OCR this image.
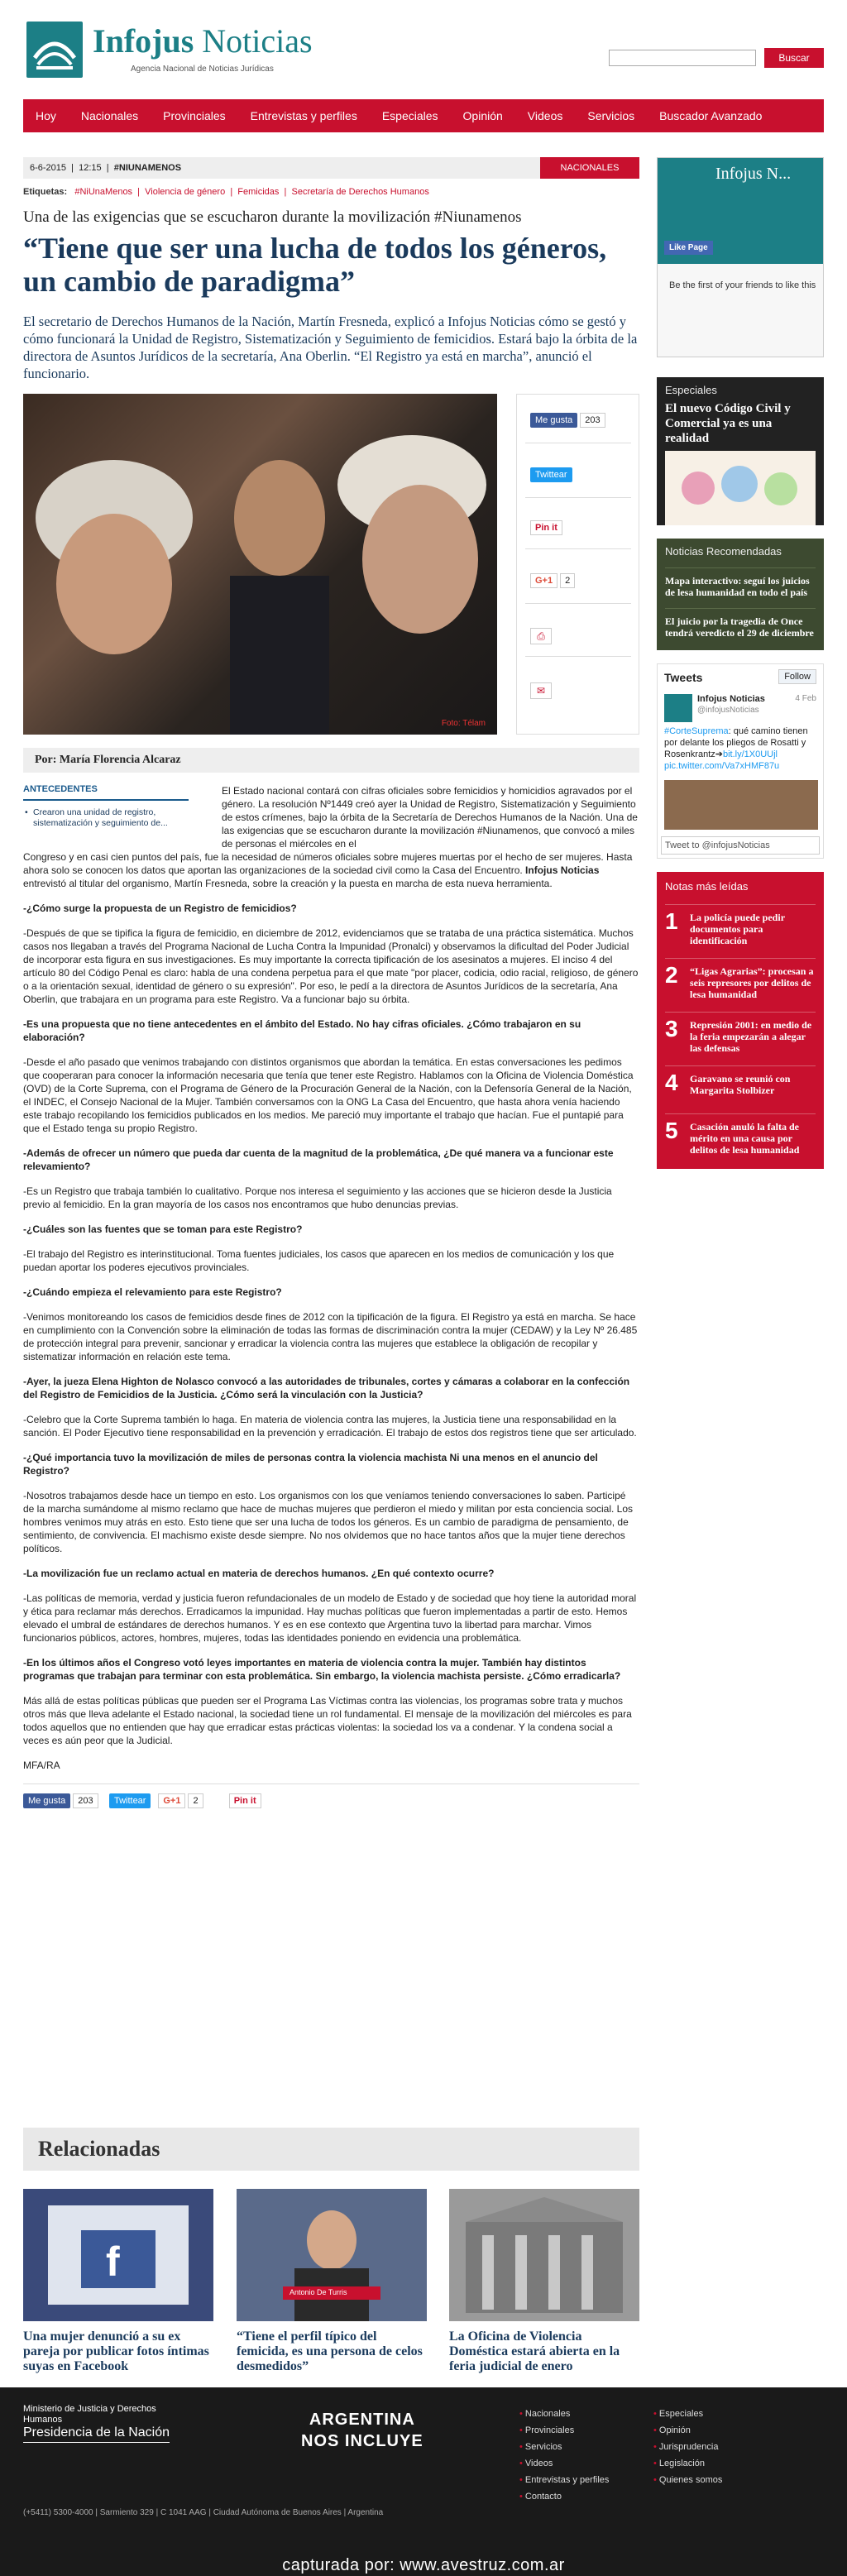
Infojus Noticias
Agencia Nacional de Noticias Jurídicas
Buscar
Hoy	Nacionales	Provinciales	Entrevistas y perfiles	Especiales	Opinión	Videos	Servicios	Buscador Avanzado
6-6-2015  |  12:15  |  #NIUNAMENOS	NACIONALES
Etiquetas: #NiUnaMenos  |  Violencia de género  |  Femicidas  |  Secretaría de Derechos Humanos
Una de las exigencias que se escucharon durante la movilización #Niunamenos
“Tiene que ser una lucha de todos los géneros, un cambio de paradigma”
El secretario de Derechos Humanos de la Nación, Martín Fresneda, explicó a Infojus Noticias cómo se gestó y cómo funcionará la Unidad de Registro, Sistematización y Seguimiento de femicidios. Estará bajo la órbita de la directora de Asuntos Jurídicos de la secretaría, Ana Oberlin. “El Registro ya está en marcha”, anunció el funcionario.
Foto: Télam
Me gusta 203
Twittear
Pin it
G+1 2
⎙
✉
Por: María Florencia Alcaraz
ANTECEDENTES
• Crearon una unidad de registro, sistematización y seguimiento de...

El Estado nacional contará con cifras oficiales sobre femicidios y homicidios agravados por el género. La resolución Nº1449 creó ayer la Unidad de Registro, Sistematización y Seguimiento de estos crímenes, bajo la órbita de la Secretaría de Derechos Humanos de la Nación. Una de las exigencias que se escucharon durante la movilización #Niunamenos, que convocó a miles de personas el miércoles en el

Congreso y en casi cien puntos del país, fue la necesidad de números oficiales sobre mujeres muertas por el hecho de ser mujeres. Hasta ahora solo se conocen los datos que aportan las organizaciones de la sociedad civil como la Casa del Encuentro. Infojus Noticias entrevistó al titular del organismo, Martín Fresneda, sobre la creación y la puesta en marcha de esta nueva herramienta.

-¿Cómo surge la propuesta de un Registro de femicidios?

-Después de que se tipifica la figura de femicidio, en diciembre de 2012, evidenciamos que se trataba de una práctica sistemática. Muchos casos nos llegaban a través del Programa Nacional de Lucha Contra la Impunidad (Pronalci) y observamos la dificultad del Poder Judicial de incorporar esta figura en sus investigaciones. Es muy importante la correcta tipificación de los asesinatos a mujeres. El inciso 4 del artículo 80 del Código Penal es claro: habla de una condena perpetua para el que mate "por placer, codicia, odio racial, religioso, de género o a la orientación sexual, identidad de género o su expresión". Por eso, le pedí a la directora de Asuntos Jurídicos de la secretaría, Ana Oberlin, que trabajara en un programa para este Registro. Va a funcionar bajo su órbita.

-Es una propuesta que no tiene antecedentes en el ámbito del Estado. No hay cifras oficiales. ¿Cómo trabajaron en su elaboración?

-Desde el año pasado que venimos trabajando con distintos organismos que abordan la temática. En estas conversaciones les pedimos que cooperaran para conocer la información necesaria que tenía que tener este Registro. Hablamos con la Oficina de Violencia Doméstica (OVD) de la Corte Suprema, con el Programa de Género de la Procuración General de la Nación, con la Defensoría General de la Nación, el INDEC, el Consejo Nacional de la Mujer. También conversamos con la ONG La Casa del Encuentro, que hasta ahora venía haciendo este trabajo recopilando los femicidios publicados en los medios. Me pareció muy importante el trabajo que hacían. Fue el puntapié para que el Estado tenga su propio Registro.

-Además de ofrecer un número que pueda dar cuenta de la magnitud de la problemática, ¿De qué manera va a funcionar este relevamiento?

-Es un Registro que trabaja también lo cualitativo. Porque nos interesa el seguimiento y las acciones que se hicieron desde la Justicia previo al femicidio. En la gran mayoría de los casos nos encontramos que hubo denuncias previas.

-¿Cuáles son las fuentes que se toman para este Registro?

-El trabajo del Registro es interinstitucional. Toma fuentes judiciales, los casos que aparecen en los medios de comunicación y los que puedan aportar los poderes ejecutivos provinciales.

-¿Cuándo empieza el relevamiento para este Registro?

-Venimos monitoreando los casos de femicidios desde fines de 2012 con la tipificación de la figura. El Registro ya está en marcha. Se hace en cumplimiento con la Convención sobre la eliminación de todas las formas de discriminación contra la mujer (CEDAW) y la Ley Nº 26.485 de protección integral para prevenir, sancionar y erradicar la violencia contra las mujeres que establece la obligación de recopilar y sistematizar información en relación este tema.

-Ayer, la jueza Elena Highton de Nolasco convocó a las autoridades de tribunales, cortes y cámaras a colaborar en la confección del Registro de Femicidios de la Justicia. ¿Cómo será la vinculación con la Justicia?

-Celebro que la Corte Suprema también lo haga. En materia de violencia contra las mujeres, la Justicia tiene una responsabilidad en la sanción. El Poder Ejecutivo tiene responsabilidad en la prevención y erradicación. El trabajo de estos dos registros tiene que ser articulado.

-¿Qué importancia tuvo la movilización de miles de personas contra la violencia machista Ni una menos en el anuncio del Registro?

-Nosotros trabajamos desde hace un tiempo en esto. Los organismos con los que veníamos teniendo conversaciones lo saben. Participé de la marcha sumándome al mismo reclamo que hace de muchas mujeres que perdieron el miedo y militan por esta conciencia social. Los hombres venimos muy atrás en esto. Esto tiene que ser una lucha de todos los géneros. Es un cambio de paradigma de pensamiento, de sentimiento, de convivencia. El machismo existe desde siempre. No nos olvidemos que no hace tantos años que la mujer tiene derechos políticos.

-La movilización fue un reclamo actual en materia de derechos humanos. ¿En qué contexto ocurre?

-Las políticas de memoria, verdad y justicia fueron refundacionales de un modelo de Estado y de sociedad que hoy tiene la autoridad moral y ética para reclamar más derechos. Erradicamos la impunidad. Hay muchas políticas que fueron implementadas a partir de esto. Hemos elevado el umbral de estándares de derechos humanos. Y es en ese contexto que Argentina tuvo la libertad para marchar. Vimos funcionarios públicos, actores, hombres, mujeres, todas las identidades poniendo en evidencia una problemática.

-En los últimos años el Congreso votó leyes importantes en materia de violencia contra la mujer. También hay distintos programas que trabajan para terminar con esta problemática. Sin embargo, la violencia machista persiste. ¿Cómo erradicarla?

Más allá de estas políticas públicas que pueden ser el Programa Las Víctimas contra las violencias, los programas sobre trata y muchos otros más que lleva adelante el Estado nacional, la sociedad tiene un rol fundamental. El mensaje de la movilización del miércoles es para todos aquellos que no entienden que hay que erradicar estas prácticas violentas: la sociedad los va a condenar. Y la condena social a veces es aún peor que la Judicial.

MFA/RA

Me gusta 203 Twittear G+1 2	Pin it
Relacionadas
f
Una mujer denunció a su ex pareja por publicar fotos íntimas suyas en Facebook
Antonio De Turris
“Tiene el perfil típico del femicida, es una persona de celos desmedidos”
La Oficina de Violencia Doméstica estará abierta en la feria judicial de enero
Infojus N...
Like Page
Be the first of your friends to like this
Especiales
El nuevo Código Civil y Comercial ya es una realidad
Noticias Recomendadas
Mapa interactivo: seguí los juicios de lesa humanidad en todo el país
El juicio por la tragedia de Once tendrá veredicto el 29 de diciembre
Tweets	Follow
Infojus Noticias
@infojusNoticias
4 Feb
#CorteSuprema: qué camino tienen por delante los pliegos de Rosatti y Rosenkrantz➔bit.ly/1X0UUjl pic.twitter.com/Va7xHMF87u
Tweet to @infojusNoticias
Notas más leídas
1 La policía puede pedir documentos para identificación
2 “Ligas Agrarias”: procesan a seis represores por delitos de lesa humanidad
3 Represión 2001: en medio de la feria empezarán a alegar las defensas
4 Garavano se reunió con Margarita Stolbizer
5 Casación anuló la falta de mérito en una causa por delitos de lesa humanidad
Ministerio de Justicia y Derechos Humanos
Presidencia de la Nación
ARGENTINA
NOS INCLUYE
• Nacionales
• Provinciales
• Servicios
• Videos
• Entrevistas y perfiles
• Contacto
• Especiales
• Opinión
• Jurisprudencia
• Legislación
• Quienes somos
(+5411) 5300-4000 | Sarmiento 329 | C 1041 AAG | Ciudad Autónoma de Buenos Aires | Argentina
capturada por: www.avestruz.com.ar
